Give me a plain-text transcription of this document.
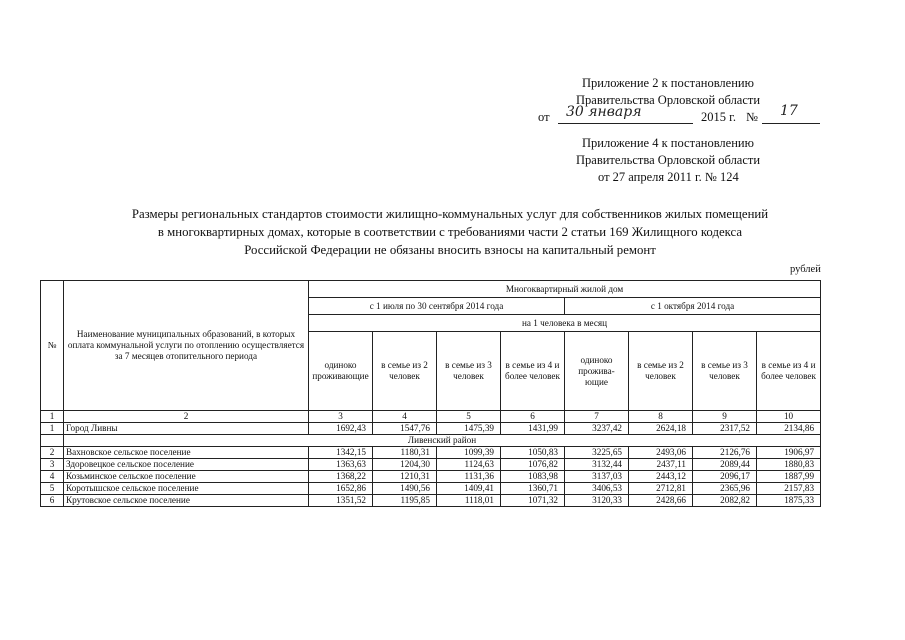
Приложение 2 к постановлению
Правительства Орловской области
от 30 января	2015 г. № 17
Приложение 4 к постановлению
Правительства Орловской области
от 27 апреля 2011 г. № 124
Размеры региональных стандартов стоимости жилищно-коммунальных услуг для собственников жилых помещений
в многоквартирных домах, которые в соответствии с требованиями части 2 статьи 169 Жилищного кодекса
Российской Федерации не обязаны вносить взносы на капитальный ремонт
рублей
№	Наименование муниципальных образований, в которых оплата коммунальной услуги по отоплению осуществляется за 7 месяцев отопительного периода	Многоквартирный жилой дом							
		с 1 июля по 30 сентября 2014 года				с 1 октября 2014 года			
		на 1 человека в месяц							
		одиноко проживающие	в семье из 2 человек	в семье из 3 человек	в семье из 4 и более человек	одиноко прожива-ющие	в семье из 2 человек	в семье из 3 человек	в семье из 4 и более человек
1	2	3	4	5	6	7	8	9	10
1	Город Ливны	1692,43	1547,76	1475,39	1431,99	3237,42	2624,18	2317,52	2134,86
	Ливенский район								
2	Вахновское сельское поселение	1342,15	1180,31	1099,39	1050,83	3225,65	2493,06	2126,76	1906,97
3	Здоровецкое сельское поселение	1363,63	1204,30	1124,63	1076,82	3132,44	2437,11	2089,44	1880,83
4	Козьминское сельское поселение	1368,22	1210,31	1131,36	1083,98	3137,03	2443,12	2096,17	1887,99
5	Коротышское сельское поселение	1652,86	1490,56	1409,41	1360,71	3406,53	2712,81	2365,96	2157,83
6	Крутовское сельское поселение	1351,52	1195,85	1118,01	1071,32	3120,33	2428,66	2082,82	1875,33
